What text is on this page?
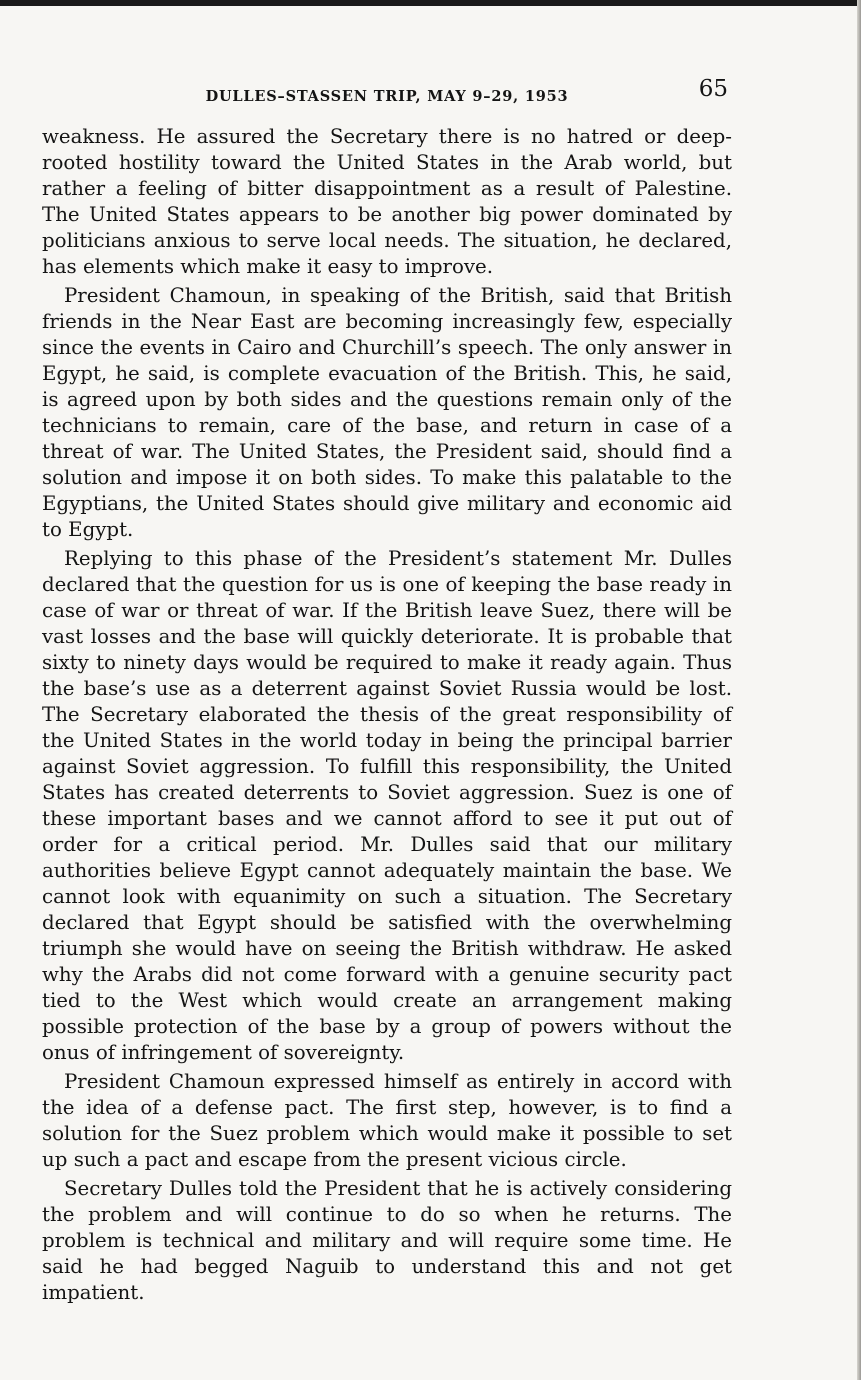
DULLES–STASSEN TRIP, MAY 9–29, 1953	65

weakness. He assured the Secretary there is no hatred or deep-rooted hostility toward the United States in the Arab world, but rather a feeling of bitter disappointment as a result of Palestine. The United States appears to be another big power dominated by politicians anxious to serve local needs. The situation, he declared, has elements which make it easy to improve.

President Chamoun, in speaking of the British, said that British friends in the Near East are becoming increasingly few, especially since the events in Cairo and Churchill’s speech. The only answer in Egypt, he said, is complete evacuation of the British. This, he said, is agreed upon by both sides and the questions remain only of the technicians to remain, care of the base, and return in case of a threat of war. The United States, the President said, should find a solution and impose it on both sides. To make this palatable to the Egyptians, the United States should give military and economic aid to Egypt.

Replying to this phase of the President’s statement Mr. Dulles declared that the question for us is one of keeping the base ready in case of war or threat of war. If the British leave Suez, there will be vast losses and the base will quickly deteriorate. It is probable that sixty to ninety days would be required to make it ready again. Thus the base’s use as a deterrent against Soviet Russia would be lost. The Secretary elaborated the thesis of the great responsibility of the United States in the world today in being the principal barrier against Soviet aggression. To fulfill this responsibility, the United States has created deterrents to Soviet aggression. Suez is one of these important bases and we cannot afford to see it put out of order for a critical period. Mr. Dulles said that our military authorities believe Egypt cannot adequately maintain the base. We cannot look with equanimity on such a situation. The Secretary declared that Egypt should be satisfied with the overwhelming triumph she would have on seeing the British withdraw. He asked why the Arabs did not come forward with a genuine security pact tied to the West which would create an arrangement making possible protection of the base by a group of powers without the onus of infringement of sovereignty.

President Chamoun expressed himself as entirely in accord with the idea of a defense pact. The first step, however, is to find a solution for the Suez problem which would make it possible to set up such a pact and escape from the present vicious circle.

Secretary Dulles told the President that he is actively considering the problem and will continue to do so when he returns. The problem is technical and military and will require some time. He said he had begged Naguib to understand this and not get impatient.
